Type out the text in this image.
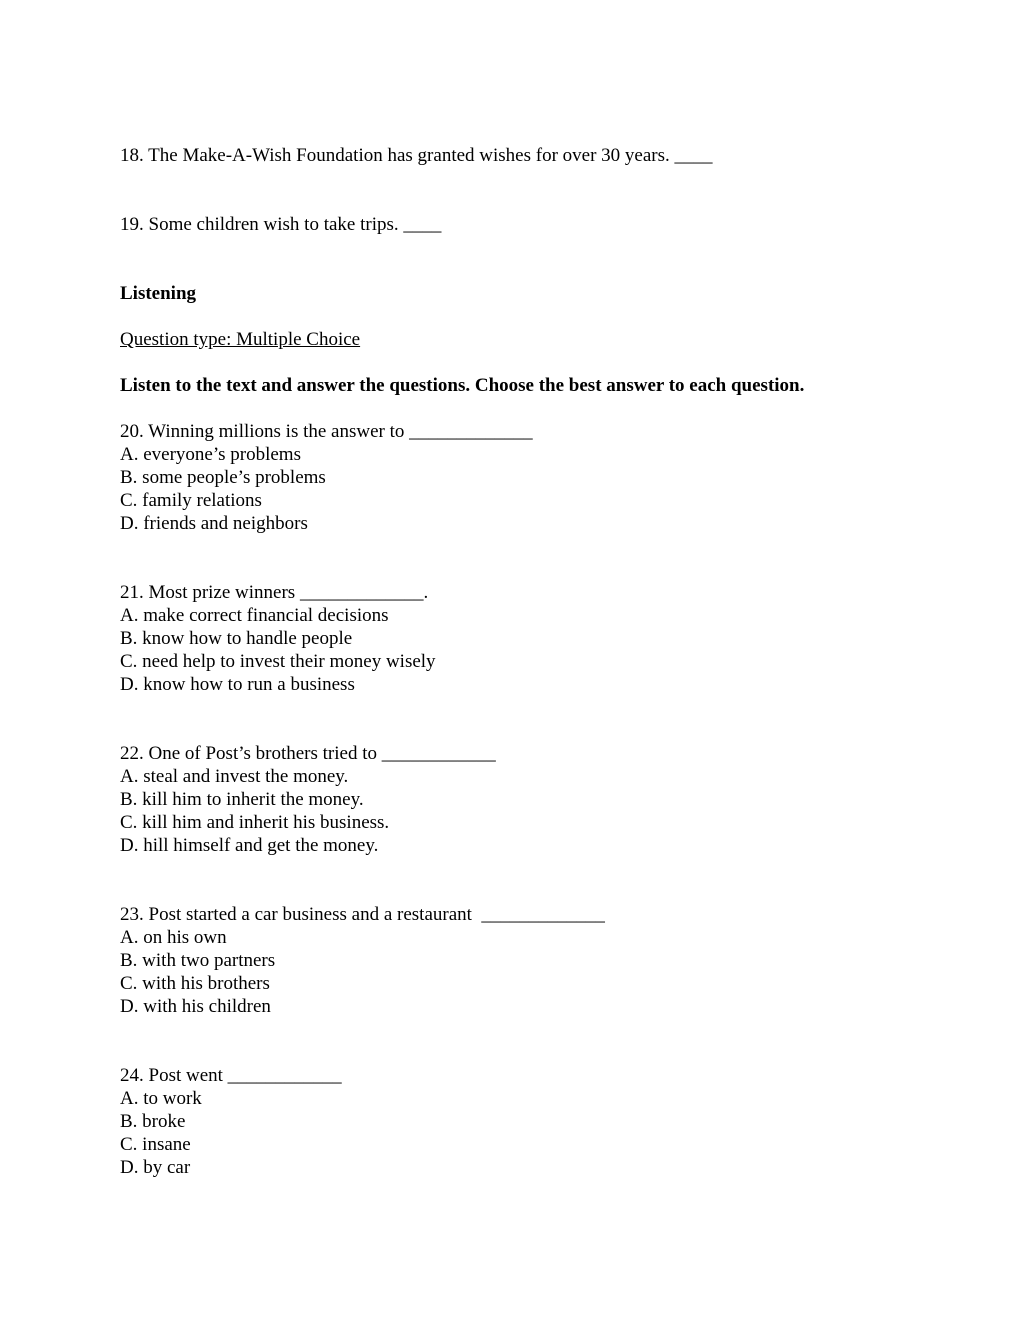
18. The Make-A-Wish Foundation has granted wishes for over 30 years. ____

19. Some children wish to take trips. ____

Listening

Question type: Multiple Choice

Listen to the text and answer the questions. Choose the best answer to each question.

20. Winning millions is the answer to _____________

A. everyone’s problems

B. some people’s problems

C. family relations

D. friends and neighbors

21. Most prize winners _____________.

A. make correct financial decisions

B. know how to handle people

C. need help to invest their money wisely

D. know how to run a business

22. One of Post’s brothers tried to ____________

A. steal and invest the money.

B. kill him to inherit the money.

C. kill him and inherit his business.

D. hill himself and get the money.

23. Post started a car business and a restaurant  _____________

A. on his own

B. with two partners

C. with his brothers

D. with his children

24. Post went ____________

A. to work

B. broke

C. insane

D. by car
